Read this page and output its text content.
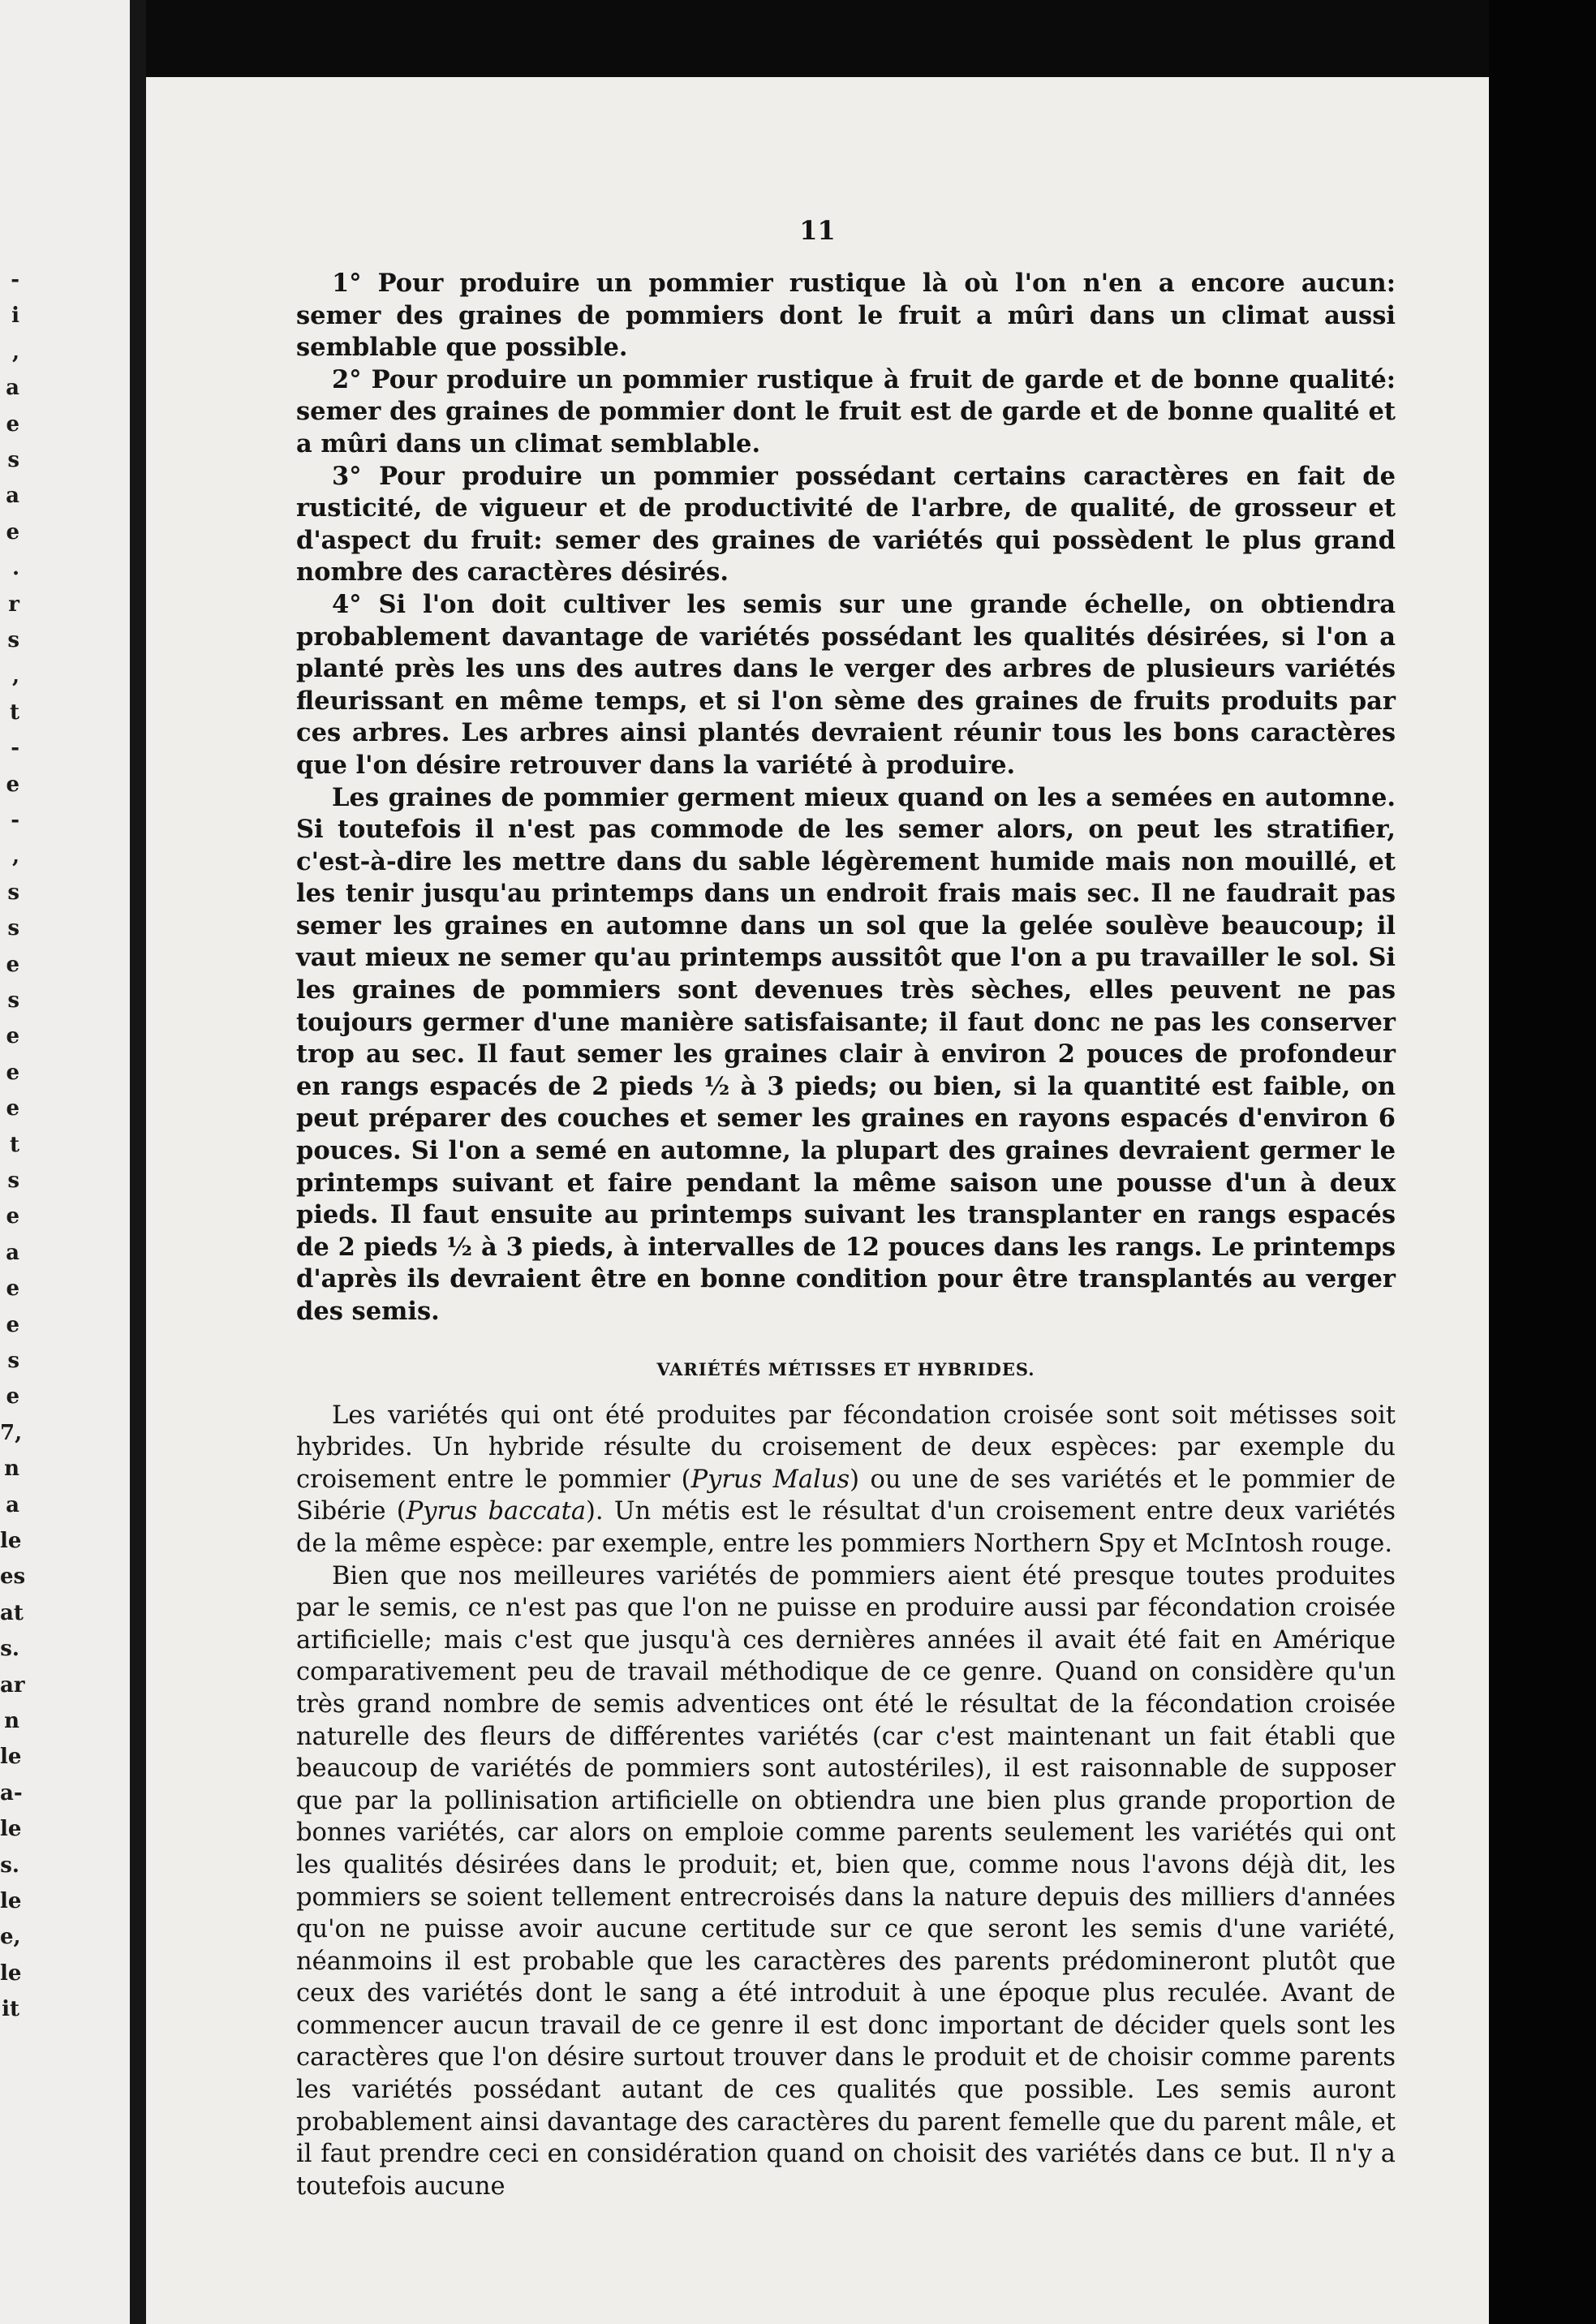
-
i
,
a
e
s
a
e
.
r
s
,
t
-
e
-
,
s
s
e
s
e
e
e
t
s
e
a
e
e
s
e
7,
n
a
le
es
at
s.
ar
n
le
a-
le
s.
le
e,
le
it

11

1° Pour produire un pommier rustique là où l'on n'en a encore aucun: semer des graines de pommiers dont le fruit a mûri dans un climat aussi semblable que possible.

2° Pour produire un pommier rustique à fruit de garde et de bonne qualité: semer des graines de pommier dont le fruit est de garde et de bonne qualité et a mûri dans un climat semblable.

3° Pour produire un pommier possédant certains caractères en fait de rusticité, de vigueur et de productivité de l'arbre, de qualité, de grosseur et d'aspect du fruit: semer des graines de variétés qui possèdent le plus grand nombre des caractères désirés.

4° Si l'on doit cultiver les semis sur une grande échelle, on obtiendra probablement davantage de variétés possédant les qualités désirées, si l'on a planté près les uns des autres dans le verger des arbres de plusieurs variétés fleurissant en même temps, et si l'on sème des graines de fruits produits par ces arbres. Les arbres ainsi plantés devraient réunir tous les bons caractères que l'on désire retrouver dans la variété à produire.

Les graines de pommier germent mieux quand on les a semées en automne. Si toutefois il n'est pas commode de les semer alors, on peut les stratifier, c'est-à-dire les mettre dans du sable légèrement humide mais non mouillé, et les tenir jusqu'au printemps dans un endroit frais mais sec. Il ne faudrait pas semer les graines en automne dans un sol que la gelée soulève beaucoup; il vaut mieux ne semer qu'au printemps aussitôt que l'on a pu travailler le sol. Si les graines de pommiers sont devenues très sèches, elles peuvent ne pas toujours germer d'une manière satisfaisante; il faut donc ne pas les conserver trop au sec. Il faut semer les graines clair à environ 2 pouces de profondeur en rangs espacés de 2 pieds ½ à 3 pieds; ou bien, si la quantité est faible, on peut préparer des couches et semer les graines en rayons espacés d'environ 6 pouces. Si l'on a semé en automne, la plupart des graines devraient germer le printemps suivant et faire pendant la même saison une pousse d'un à deux pieds. Il faut ensuite au printemps suivant les transplanter en rangs espacés de 2 pieds ½ à 3 pieds, à intervalles de 12 pouces dans les rangs. Le printemps d'après ils devraient être en bonne condition pour être transplantés au verger des semis.

VARIÉTÉS MÉTISSES ET HYBRIDES.

Les variétés qui ont été produites par fécondation croisée sont soit métisses soit hybrides. Un hybride résulte du croisement de deux espèces: par exemple du croisement entre le pommier (Pyrus Malus) ou une de ses variétés et le pommier de Sibérie (Pyrus baccata). Un métis est le résultat d'un croisement entre deux variétés de la même espèce: par exemple, entre les pommiers Northern Spy et McIntosh rouge.

Bien que nos meilleures variétés de pommiers aient été presque toutes produites par le semis, ce n'est pas que l'on ne puisse en produire aussi par fécondation croisée artificielle; mais c'est que jusqu'à ces dernières années il avait été fait en Amérique comparativement peu de travail méthodique de ce genre. Quand on considère qu'un très grand nombre de semis adventices ont été le résultat de la fécondation croisée naturelle des fleurs de différentes variétés (car c'est maintenant un fait établi que beaucoup de variétés de pommiers sont autostériles), il est raisonnable de supposer que par la pollinisation artificielle on obtiendra une bien plus grande proportion de bonnes variétés, car alors on emploie comme parents seulement les variétés qui ont les qualités désirées dans le produit; et, bien que, comme nous l'avons déjà dit, les pommiers se soient tellement entrecroisés dans la nature depuis des milliers d'années qu'on ne puisse avoir aucune certitude sur ce que seront les semis d'une variété, néanmoins il est probable que les caractères des parents prédomineront plutôt que ceux des variétés dont le sang a été introduit à une époque plus reculée. Avant de commencer aucun travail de ce genre il est donc important de décider quels sont les caractères que l'on désire surtout trouver dans le produit et de choisir comme parents les variétés possédant autant de ces qualités que possible. Les semis auront probablement ainsi davantage des caractères du parent femelle que du parent mâle, et il faut prendre ceci en considération quand on choisit des variétés dans ce but. Il n'y a toutefois aucune
